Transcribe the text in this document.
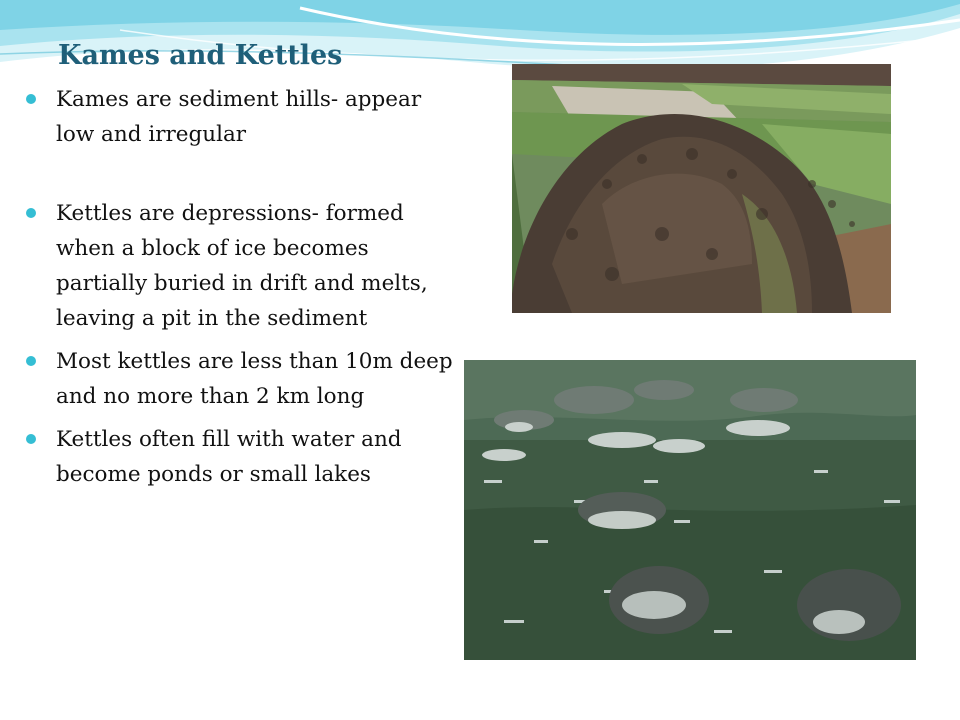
Kames and Kettles
Kames are sediment hills- appear low and irregular
Kettles are depressions- formed when a block of ice becomes partially buried in drift and melts, leaving a pit in the sediment
Most kettles are less than 10m deep and no more than 2 km long
Kettles often fill with water and become ponds or small lakes
